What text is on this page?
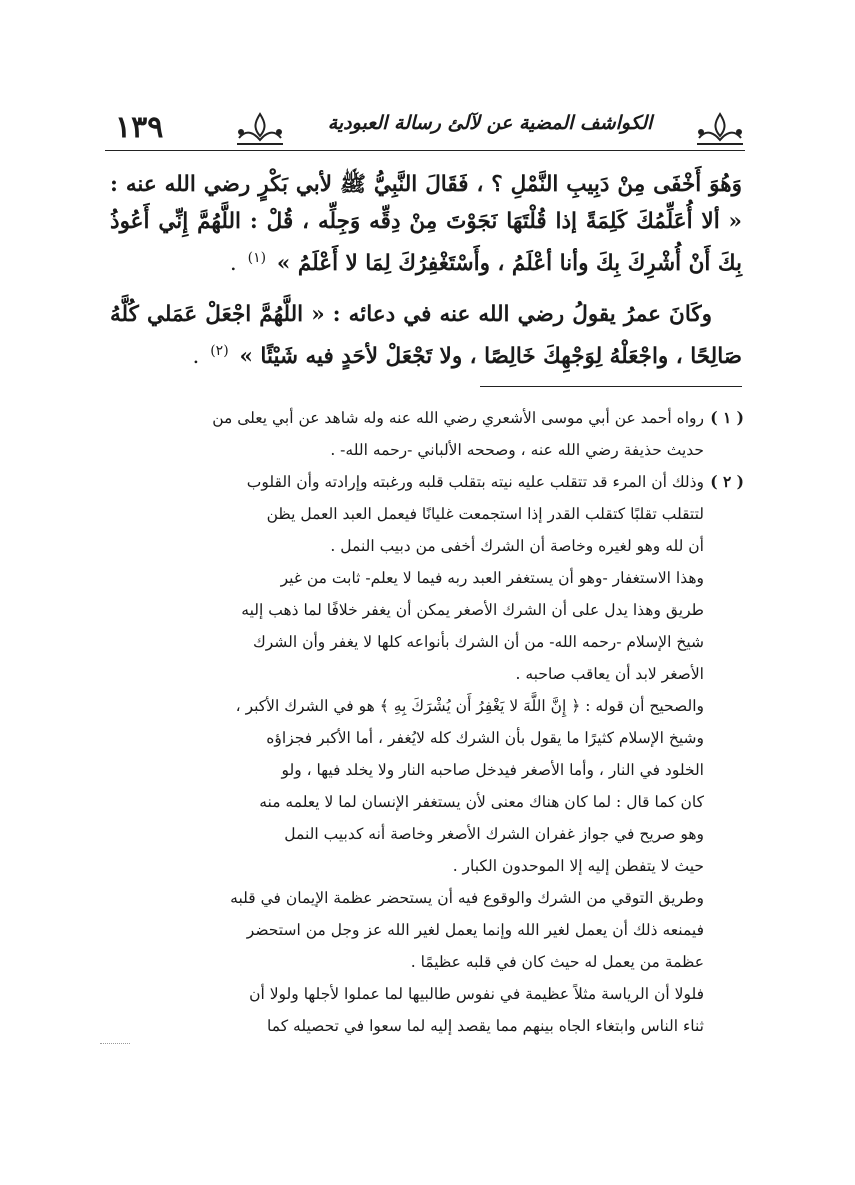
١٣٩	الكواشف المضية عن لآلئ رسالة العبودية

وَهُوَ أَخْفَى مِنْ دَبِيبِ النَّمْلِ ؟ ، فَقَالَ النَّبِيُّ ﷺ لأبي بَكْرٍ رضي الله عنه : « ألا أُعَلِّمُكَ كَلِمَةً إذا قُلْتَهَا نَجَوْتَ مِنْ دِقِّه وَجِلِّه ، قُلْ : اللَّهُمَّ إِنِّي أَعُوذُ بِكَ أَنْ أُشْرِكَ بِكَ وأنا أعْلَمُ ، وأَسْتَغْفِرُكَ لِمَا لا أَعْلَمُ » $^{(١)}$ .

وكَانَ عمرُ يقولُ رضي الله عنه في دعائه : « اللَّهُمَّ اجْعَلْ عَمَلي كُلَّهُ صَالِحًا ، واجْعَلْهُ لِوَجْهِكَ خَالِصًا ، ولا تَجْعَلْ لأحَدٍ فيه شَيْئًا » $^{(٢)}$ .

( ١ )
رواه أحمد عن أبي موسى الأشعري رضي الله عنه وله شاهد عن أبي يعلى من
حديث حذيفة رضي الله عنه ، وصححه الألباني -رحمه الله- .
( ٢ )
وذلك أن المرء قد تتقلب عليه نيته بتقلب قلبه ورغبته وإرادته وأن القلوب
لتتقلب تقلبًا كتقلب القدر إذا استجمعت غليانًا فيعمل العبد العمل يظن
أن لله وهو لغيره وخاصة أن الشرك أخفى من دبيب النمل .
وهذا الاستغفار -وهو أن يستغفر العبد ربه فيما لا يعلم- ثابت من غير
طريق وهذا يدل على أن الشرك الأصغر يمكن أن يغفر خلافًا لما ذهب إليه
شيخ الإسلام -رحمه الله- من أن الشرك بأنواعه كلها لا يغفر وأن الشرك
الأصغر لابد أن يعاقب صاحبه .
والصحيح أن قوله : ﴿ إِنَّ اللَّهَ لا يَغْفِرُ أَن يُشْرَكَ بِهِ ﴾ هو في الشرك الأكبر ،
وشيخ الإسلام كثيرًا ما يقول بأن الشرك كله لايُغفر ، أما الأكبر فجزاؤه
الخلود في النار ، وأما الأصغر فيدخل صاحبه النار ولا يخلد فيها ، ولو
كان كما قال : لما كان هناك معنى لأن يستغفر الإنسان لما لا يعلمه منه
وهو صريح في جواز غفران الشرك الأصغر وخاصة أنه كدبيب النمل
حيث لا يتفطن إليه إلا الموحدون الكبار .
وطريق التوقي من الشرك والوقوع فيه أن يستحضر عظمة الإيمان في قلبه
فيمنعه ذلك أن يعمل لغير الله وإنما يعمل لغير الله عز وجل من استحضر
عظمة من يعمل له حيث كان في قلبه عظيمًا .
فلولا أن الرياسة مثلاً عظيمة في نفوس طالبيها لما عملوا لأجلها ولولا أن
ثناء الناس وابتغاء الجاه بينهم مما يقصد إليه لما سعوا في تحصيله كما
